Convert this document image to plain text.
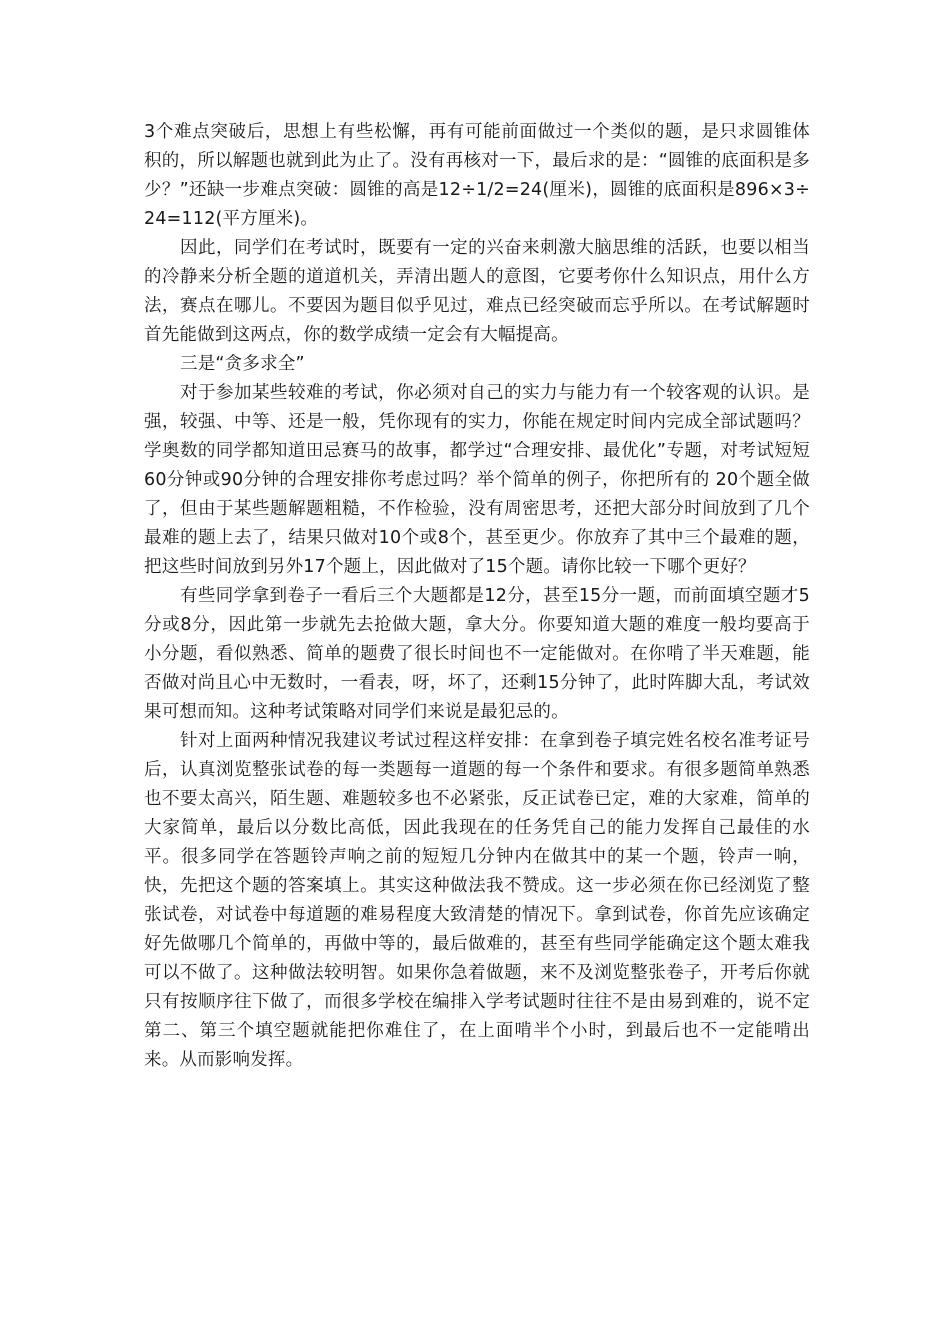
3个难点突破后，思想上有些松懈，再有可能前面做过一个类似的题，是只求圆锥体积的，所以解题也就到此为止了。没有再核对一下，最后求的是：“圆锥的底面积是多少？”还缺一步难点突破：圆锥的高是12÷1/2=24(厘米)，圆锥的底面积是896×3÷24=112(平方厘米)。

因此，同学们在考试时，既要有一定的兴奋来刺激大脑思维的活跃，也要以相当的冷静来分析全题的道道机关，弄清出题人的意图，它要考你什么知识点，用什么方法，赛点在哪儿。不要因为题目似乎见过，难点已经突破而忘乎所以。在考试解题时首先能做到这两点，你的数学成绩一定会有大幅提高。

三是“贪多求全”

对于参加某些较难的考试，你必须对自己的实力与能力有一个较客观的认识。是强，较强、中等、还是一般，凭你现有的实力，你能在规定时间内完成全部试题吗？学奥数的同学都知道田忌赛马的故事，都学过“合理安排、最优化”专题，对考试短短60分钟或90分钟的合理安排你考虑过吗？举个简单的例子，你把所有的 20个题全做了，但由于某些题解题粗糙，不作检验，没有周密思考，还把大部分时间放到了几个最难的题上去了，结果只做对10个或8个，甚至更少。你放弃了其中三个最难的题，把这些时间放到另外17个题上，因此做对了15个题。请你比较一下哪个更好？

有些同学拿到卷子一看后三个大题都是12分，甚至15分一题，而前面填空题才5分或8分，因此第一步就先去抢做大题，拿大分。你要知道大题的难度一般均要高于小分题，看似熟悉、简单的题费了很长时间也不一定能做对。在你啃了半天难题，能否做对尚且心中无数时，一看表，呀，坏了，还剩15分钟了，此时阵脚大乱，考试效果可想而知。这种考试策略对同学们来说是最犯忌的。

针对上面两种情况我建议考试过程这样安排：在拿到卷子填完姓名校名准考证号后，认真浏览整张试卷的每一类题每一道题的每一个条件和要求。有很多题简单熟悉也不要太高兴，陌生题、难题较多也不必紧张，反正试卷已定，难的大家难，简单的大家简单，最后以分数比高低，因此我现在的任务凭自己的能力发挥自己最佳的水平。很多同学在答题铃声响之前的短短几分钟内在做其中的某一个题，铃声一响，快，先把这个题的答案填上。其实这种做法我不赞成。这一步必须在你已经浏览了整张试卷，对试卷中每道题的难易程度大致清楚的情况下。拿到试卷，你首先应该确定好先做哪几个简单的，再做中等的，最后做难的，甚至有些同学能确定这个题太难我可以不做了。这种做法较明智。如果你急着做题，来不及浏览整张卷子，开考后你就只有按顺序往下做了，而很多学校在编排入学考试题时往往不是由易到难的，说不定第二、第三个填空题就能把你难住了，在上面啃半个小时，到最后也不一定能啃出来。从而影响发挥。
